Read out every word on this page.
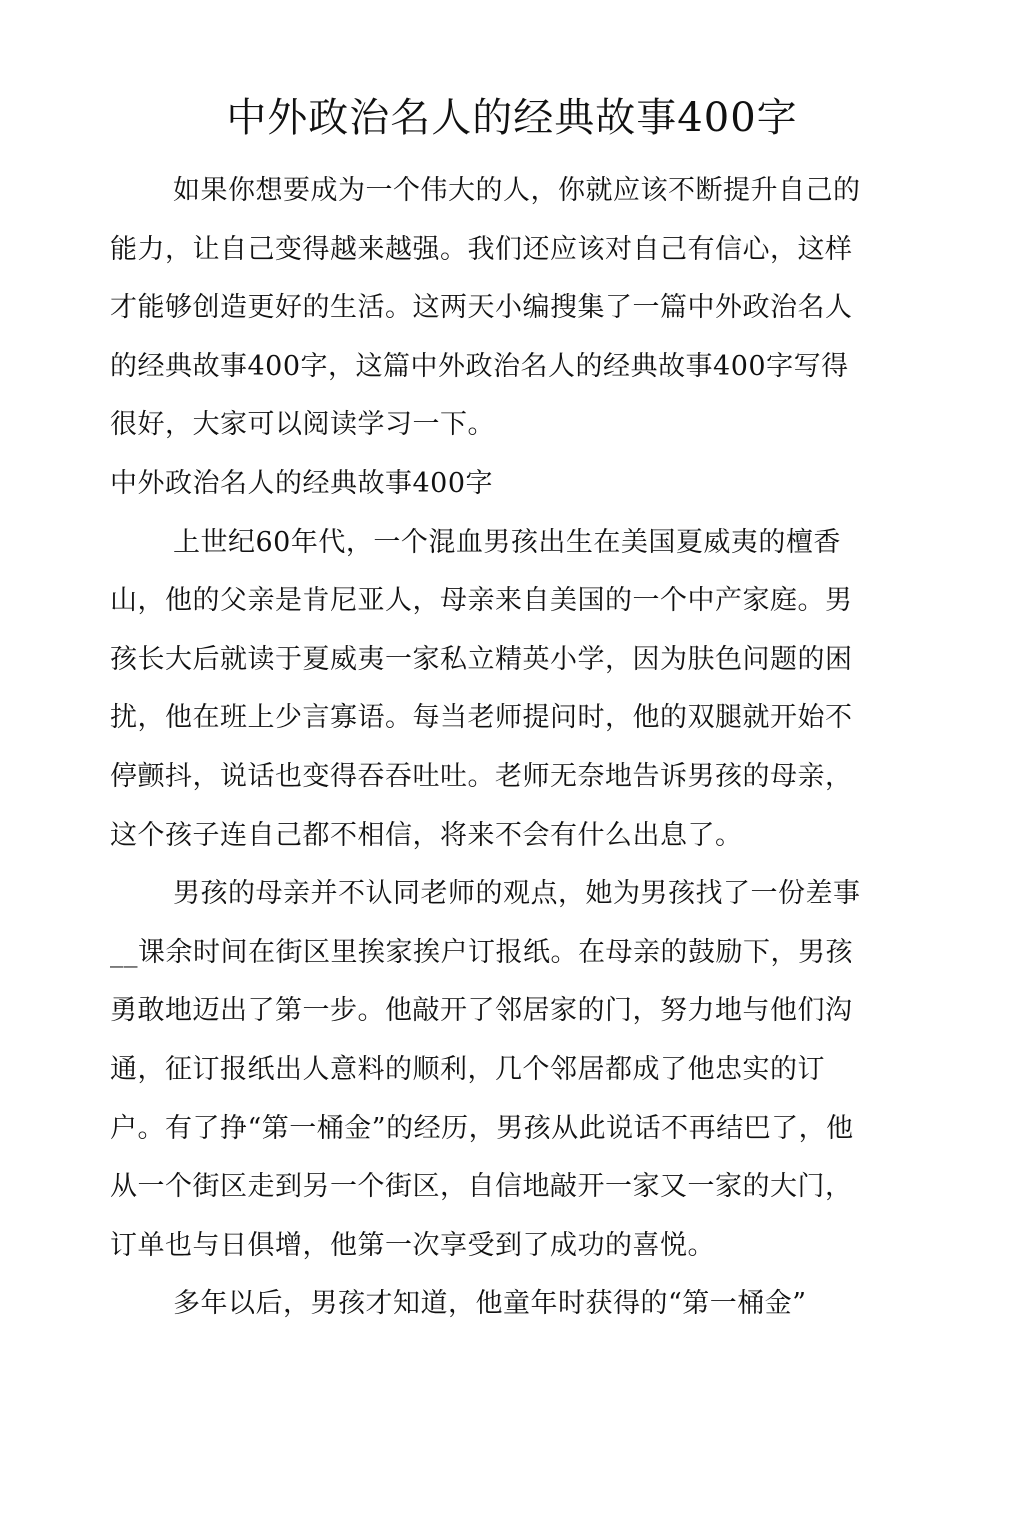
中外政治名人的经典故事400字

如果你想要成为一个伟大的人，你就应该不断提升自己的能力，让自己变得越来越强。我们还应该对自己有信心，这样才能够创造更好的生活。这两天小编搜集了一篇中外政治名人的经典故事400字，这篇中外政治名人的经典故事400字写得很好，大家可以阅读学习一下。

中外政治名人的经典故事400字

上世纪60年代，一个混血男孩出生在美国夏威夷的檀香山，他的父亲是肯尼亚人，母亲来自美国的一个中产家庭。男孩长大后就读于夏威夷一家私立精英小学，因为肤色问题的困扰，他在班上少言寡语。每当老师提问时，他的双腿就开始不停颤抖，说话也变得吞吞吐吐。老师无奈地告诉男孩的母亲，这个孩子连自己都不相信，将来不会有什么出息了。

男孩的母亲并不认同老师的观点，她为男孩找了一份差事__课余时间在街区里挨家挨户订报纸。在母亲的鼓励下，男孩勇敢地迈出了第一步。他敲开了邻居家的门，努力地与他们沟通，征订报纸出人意料的顺利，几个邻居都成了他忠实的订户。有了挣“第一桶金”的经历，男孩从此说话不再结巴了，他从一个街区走到另一个街区，自信地敲开一家又一家的大门，订单也与日俱增，他第一次享受到了成功的喜悦。

多年以后，男孩才知道，他童年时获得的“第一桶金”
